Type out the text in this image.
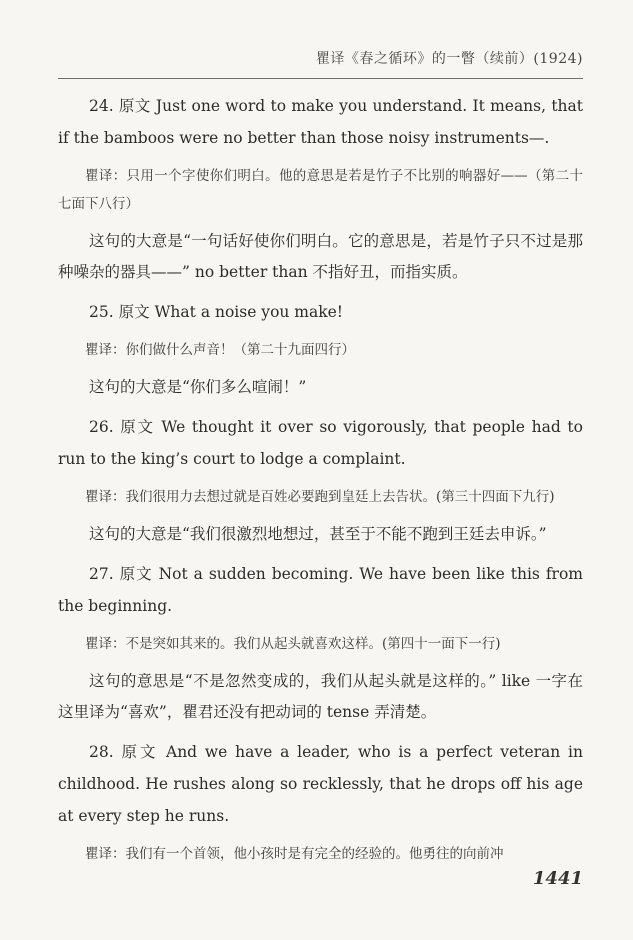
瞿译《春之循环》的一瞥（续前）(1924)

24. 原文 Just one word to make you understand. It means, that if the bamboos were no better than those noisy instruments—.

瞿译：只用一个字使你们明白。他的意思是若是竹子不比别的响器好——（第二十七面下八行）

这句的大意是“一句话好使你们明白。它的意思是，若是竹子只不过是那种噪杂的器具——” no better than 不指好丑，而指实质。

25. 原文 What a noise you make!

瞿译：你们做什么声音！（第二十九面四行）

这句的大意是“你们多么喧闹！”

26. 原文 We thought it over so vigorously, that people had to run to the king’s court to lodge a complaint.

瞿译：我们很用力去想过就是百姓必要跑到皇廷上去告状。(第三十四面下九行)

这句的大意是“我们很激烈地想过，甚至于不能不跑到王廷去申诉。”

27. 原文 Not a sudden becoming. We have been like this from the beginning.

瞿译：不是突如其来的。我们从起头就喜欢这样。(第四十一面下一行)

这句的意思是“不是忽然变成的，我们从起头就是这样的。” like 一字在这里译为“喜欢”，瞿君还没有把动词的 tense 弄清楚。

28. 原文 And we have a leader, who is a perfect veteran in childhood. He rushes along so recklessly, that he drops off his age at every step he runs.

瞿译：我们有一个首领，他小孩时是有完全的经验的。他勇往的向前冲

1441
